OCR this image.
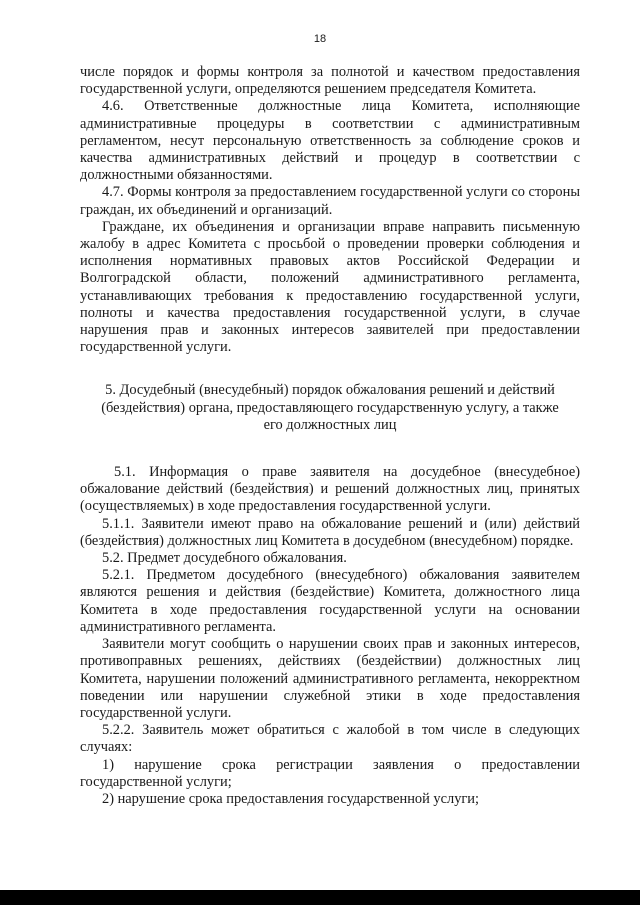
18

числе порядок и формы контроля за полнотой и качеством предоставления государственной услуги, определяются решением председателя Комитета.

4.6. Ответственные должностные лица Комитета, исполняющие административные процедуры в соответствии с административным регламентом, несут персональную ответственность за соблюдение сроков и качества административных действий и процедур в соответствии с должностными обязанностями.

4.7. Формы контроля за предоставлением государственной услуги со стороны граждан, их объединений и организаций.

Граждане, их объединения и организации вправе направить письменную жалобу в адрес Комитета с просьбой о проведении проверки соблюдения и исполнения нормативных правовых актов Российской Федерации и Волгоградской области, положений административного регламента, устанавливающих требования к предоставлению государственной услуги, полноты и качества предоставления государственной услуги, в случае нарушения прав и законных интересов заявителей при предоставлении государственной услуги.

5. Досудебный (внесудебный) порядок обжалования решений и действий (бездействия) органа, предоставляющего государственную услугу, а также его должностных лиц

5.1. Информация о праве заявителя на досудебное (внесудебное) обжалование действий (бездействия) и решений должностных лиц, принятых (осуществляемых) в ходе предоставления государственной услуги.

5.1.1. Заявители имеют право на обжалование решений и (или) действий (бездействия) должностных лиц Комитета в досудебном (внесудебном) порядке.

5.2. Предмет досудебного обжалования.

5.2.1. Предметом досудебного (внесудебного) обжалования заявителем являются решения и действия (бездействие) Комитета, должностного лица Комитета в ходе предоставления государственной услуги на основании административного регламента.

Заявители могут сообщить о нарушении своих прав и законных интересов, противоправных решениях, действиях (бездействии) должностных лиц Комитета, нарушении положений административного регламента, некорректном поведении или нарушении служебной этики в ходе предоставления государственной услуги.

5.2.2. Заявитель может обратиться с жалобой в том числе в следующих случаях:

1) нарушение срока регистрации заявления о предоставлении государственной услуги;

2) нарушение срока предоставления государственной услуги;
